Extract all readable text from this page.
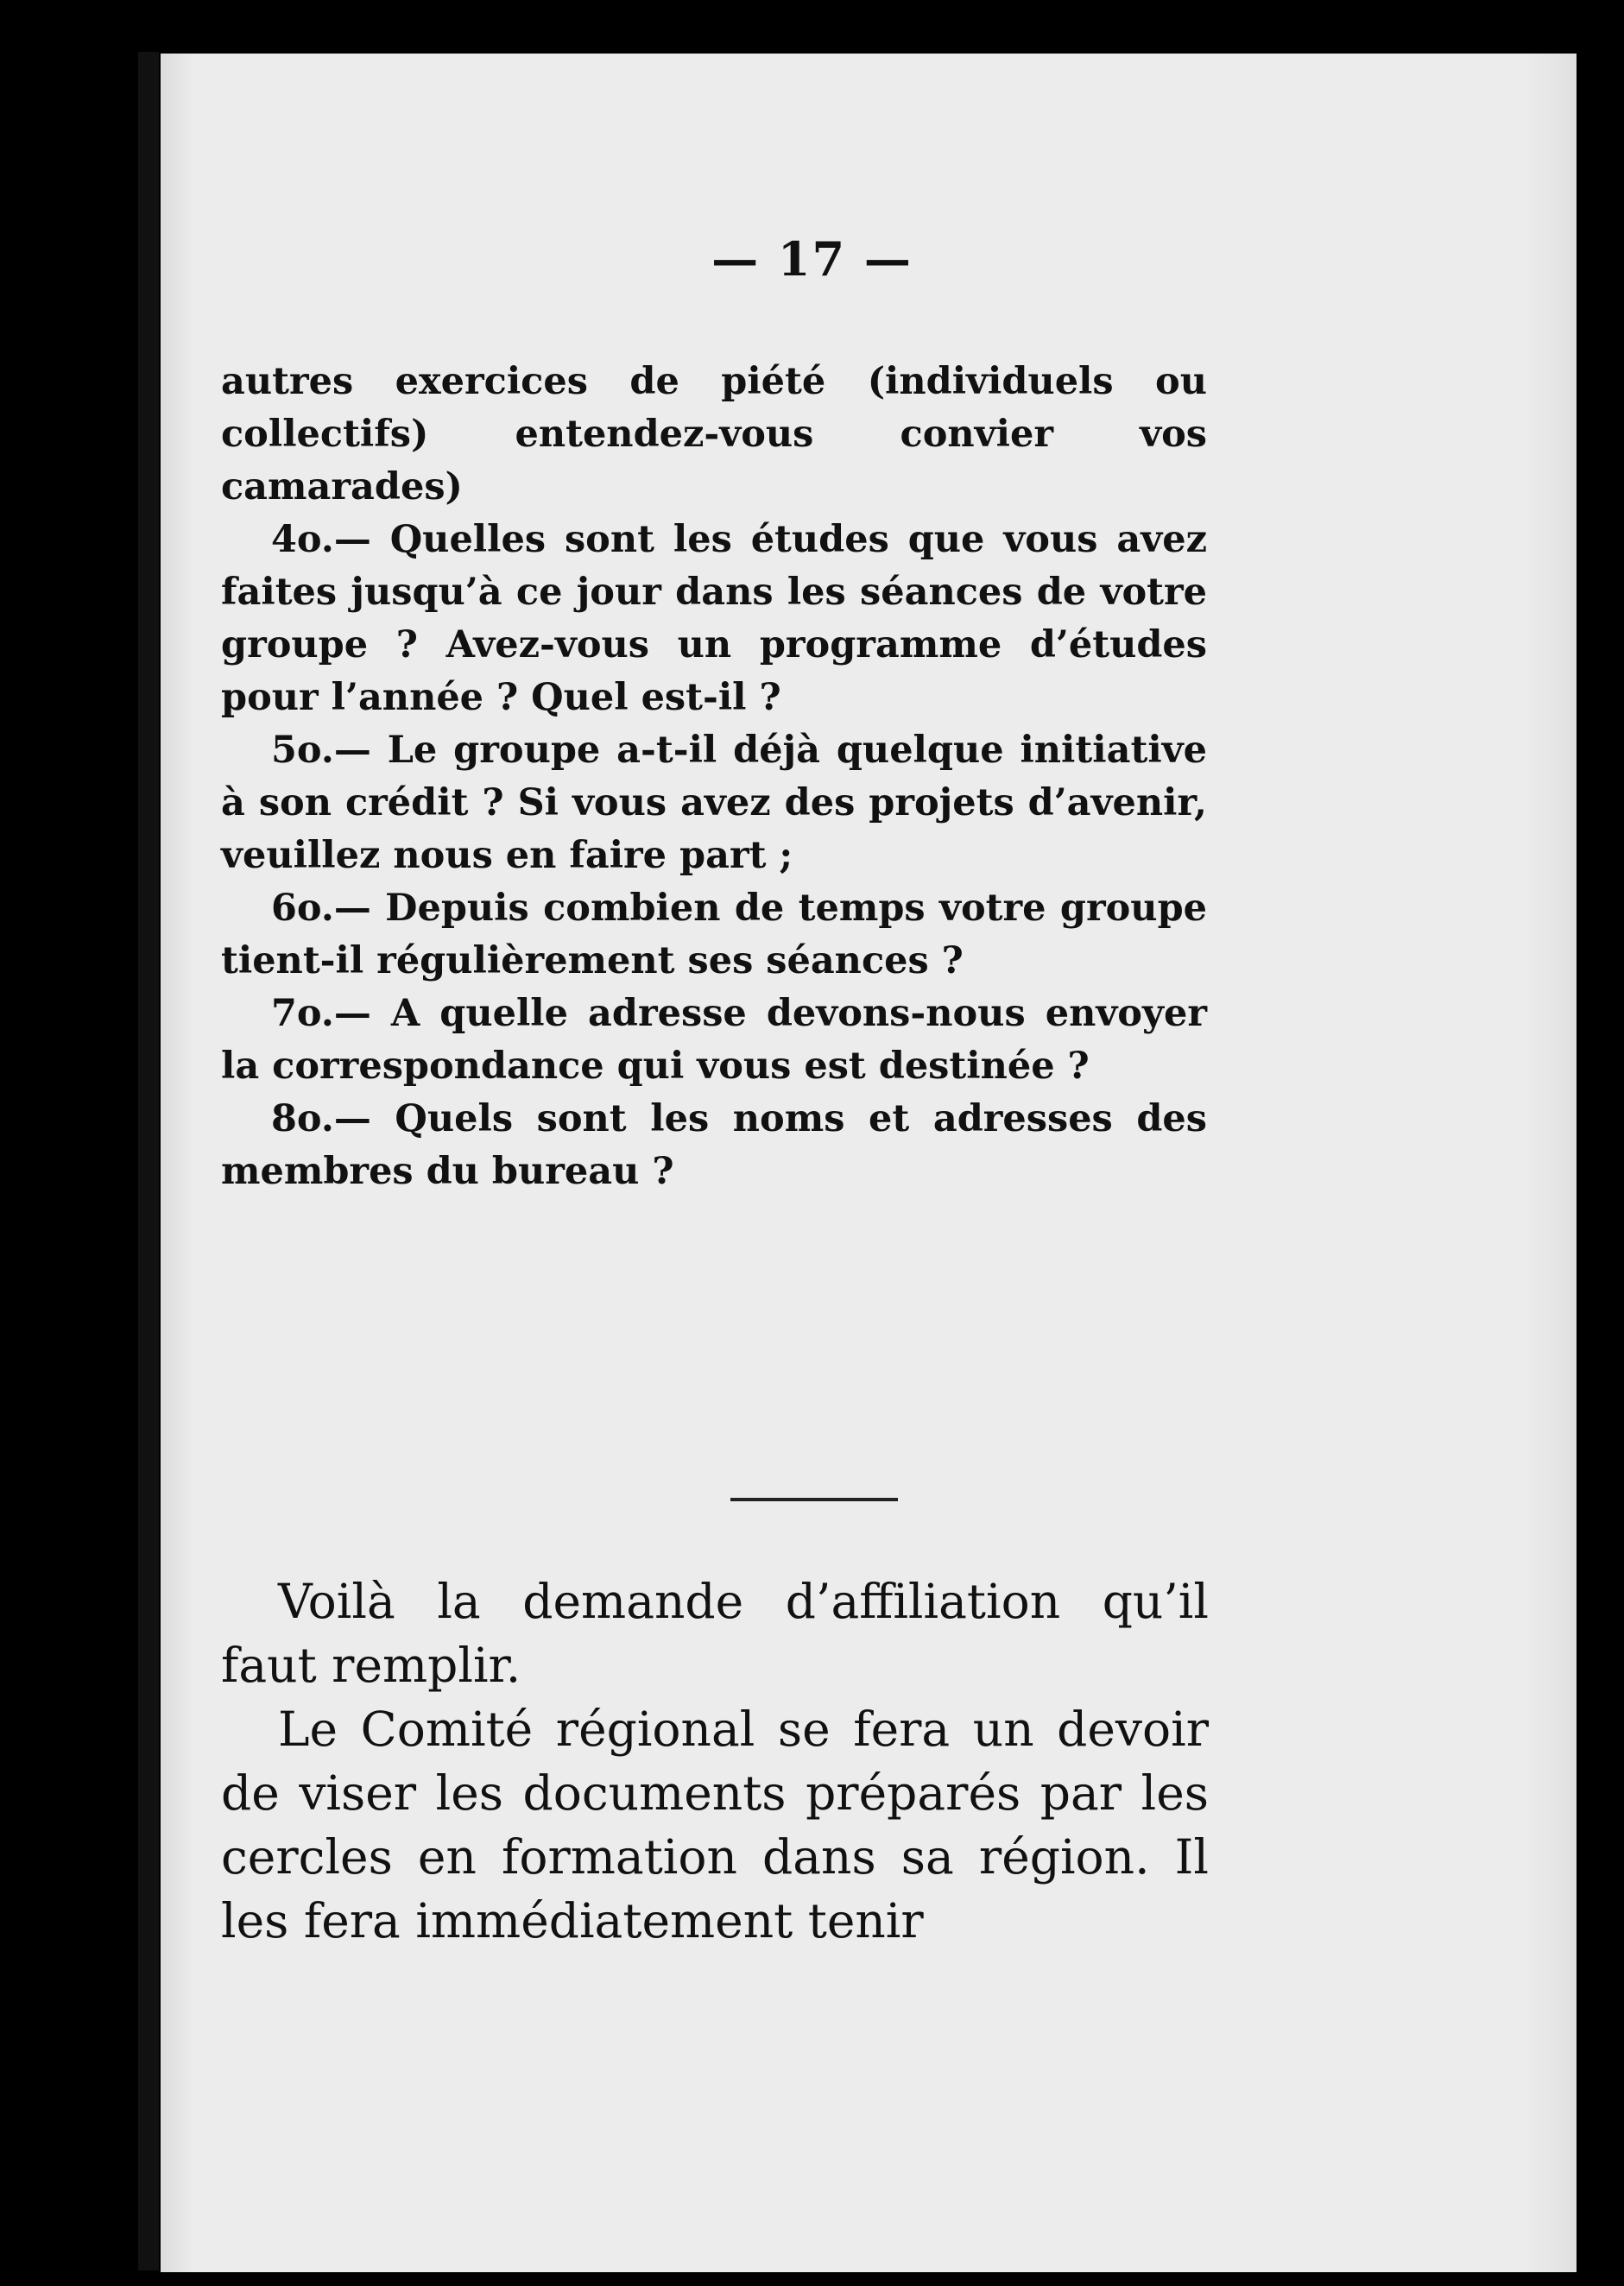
— 17 —

autres exercices de piété (individuels ou collectifs) entendez-vous convier vos camarades)

4o.— Quelles sont les études que vous avez faites jusqu’à ce jour dans les séances de votre groupe ? Avez-vous un programme d’études pour l’année ? Quel est-il ?

5o.— Le groupe a-t-il déjà quelque initiative à son crédit ? Si vous avez des projets d’avenir, veuillez nous en faire part ;

6o.— Depuis combien de temps votre groupe tient-il régulièrement ses séances ?

7o.— A quelle adresse devons-nous envoyer la correspondance qui vous est destinée ?

8o.— Quels sont les noms et adresses des membres du bureau ?

Voilà la demande d’affiliation qu’il faut remplir.

Le Comité régional se fera un devoir de viser les documents préparés par les cercles en formation dans sa région. Il les fera immédiatement tenir
